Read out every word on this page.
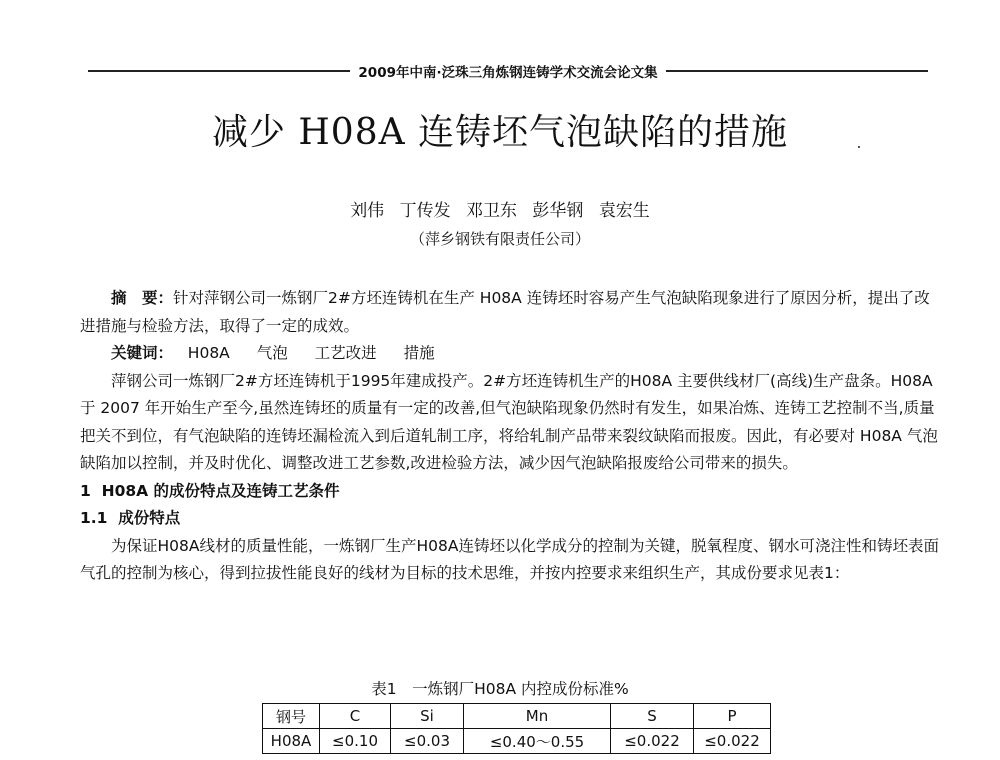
2009年中南·泛珠三角炼钢连铸学术交流会论文集
减少 H08A 连铸坯气泡缺陷的措施
刘伟 丁传发 邓卫东 彭华钢 袁宏生
（萍乡钢铁有限责任公司）

摘　要：针对萍钢公司一炼钢厂2#方坯连铸机在生产 H08A 连铸坯时容易产生气泡缺陷现象进行了原因分析，提出了改进措施与检验方法，取得了一定的成效。

关键词： H08A 气泡 工艺改进 措施

萍钢公司一炼钢厂2#方坯连铸机于1995年建成投产。2#方坯连铸机生产的H08A 主要供线材厂(高线)生产盘条。H08A 于 2007 年开始生产至今,虽然连铸坯的质量有一定的改善,但气泡缺陷现象仍然时有发生，如果冶炼、连铸工艺控制不当,质量把关不到位，有气泡缺陷的连铸坯漏检流入到后道轧制工序，将给轧制产品带来裂纹缺陷而报废。因此，有必要对 H08A 气泡缺陷加以控制，并及时优化、调整改进工艺参数,改进检验方法，减少因气泡缺陷报废给公司带来的损失。

1 H08A 的成份特点及连铸工艺条件

1.1 成份特点

为保证H08A线材的质量性能，一炼钢厂生产H08A连铸坯以化学成分的控制为关键，脱氧程度、钢水可浇注性和铸坯表面气孔的控制为核心，得到拉拔性能良好的线材为目标的技术思维，并按内控要求来组织生产，其成份要求见表1：

表1　一炼钢厂H08A 内控成份标准%
钢号	C	Si	Mn	S	P
H08A	≤0.10	≤0.03	≤0.40～0.55	≤0.022	≤0.022
